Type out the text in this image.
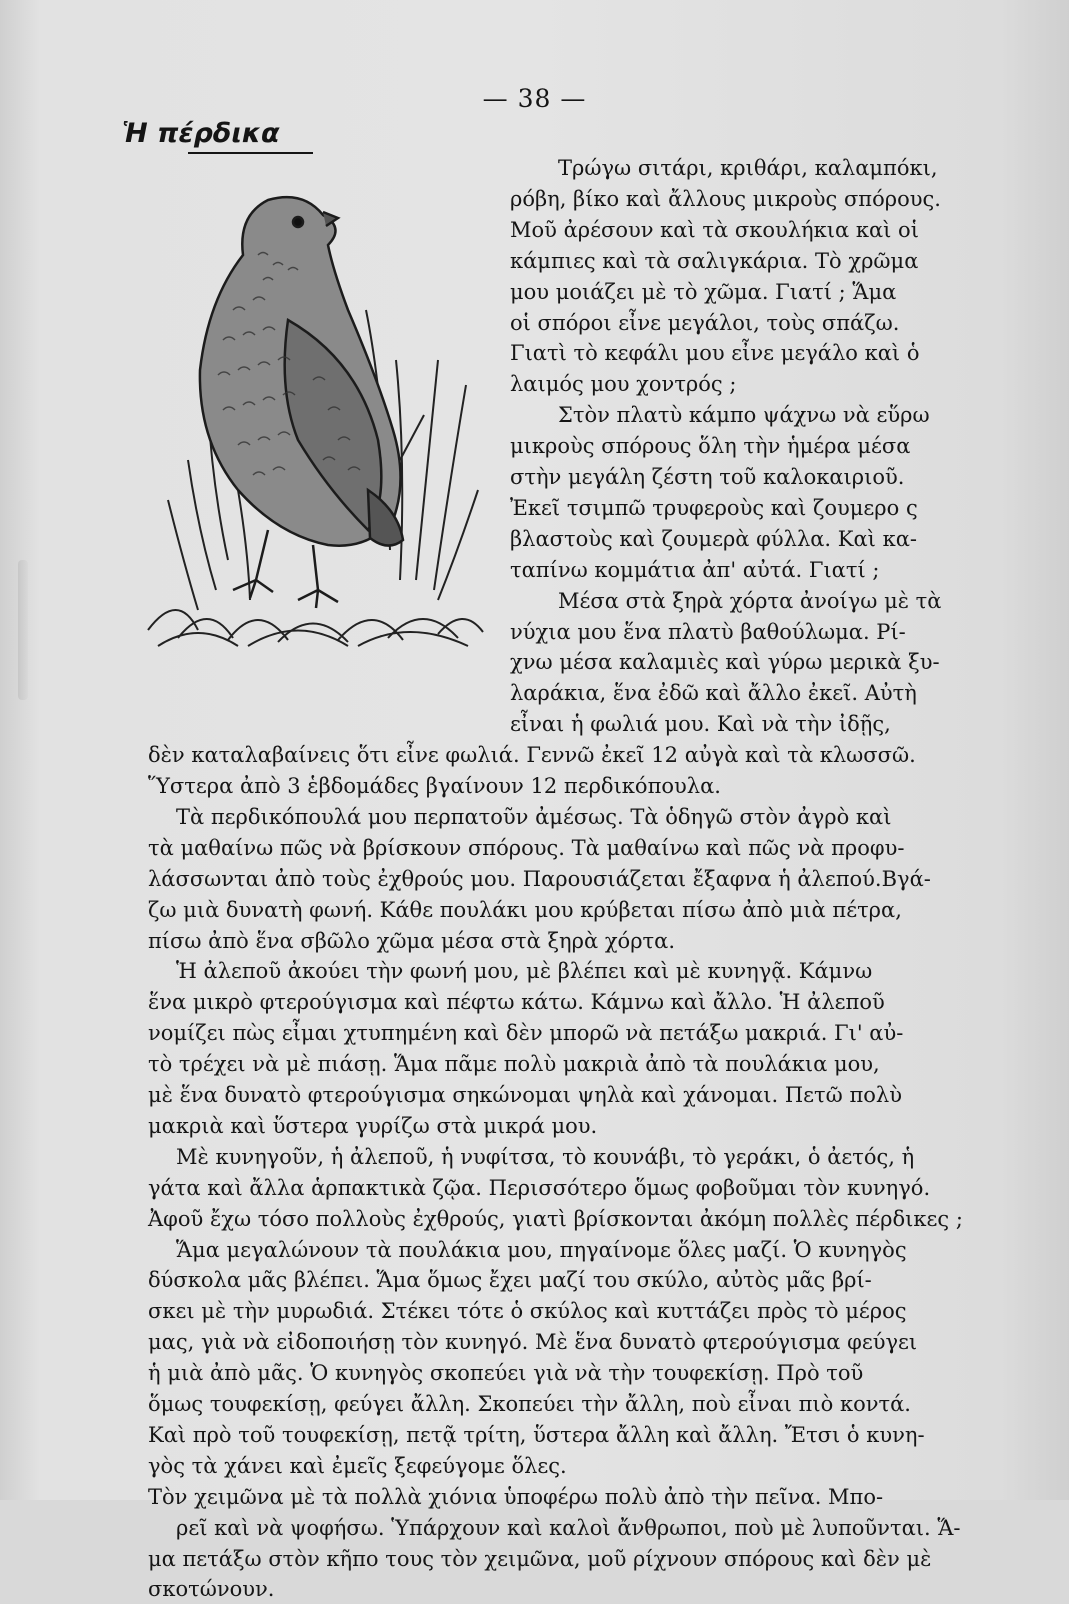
— 38 —
Ἡ πέρδικα
Τρώγω σιτάρι, κριθάρι, καλαμπόκι,
ρόβη, βίκο καὶ ἄλλους μικροὺς σπόρους.
Μοῦ ἀρέσουν καὶ τὰ σκουλήκια καὶ οἱ
κάμπιες καὶ τὰ σαλιγκάρια. Τὸ χρῶμα
μου μοιάζει μὲ τὸ χῶμα. Γιατί ; Ἅμα
οἱ σπόροι εἶνε μεγάλοι, τοὺς σπάζω.
Γιατὶ τὸ κεφάλι μου εἶνε μεγάλο καὶ ὁ
λαιμός μου χοντρός ;
Στὸν πλατὺ κάμπο ψάχνω νὰ εὕρω
μικροὺς σπόρους ὅλη τὴν ἡμέρα μέσα
στὴν μεγάλη ζέστη τοῦ καλοκαιριοῦ.
Ἐκεῖ τσιμπῶ τρυφεροὺς καὶ ζουμερο ς
βλαστοὺς καὶ ζουμερὰ φύλλα. Καὶ κα-
ταπίνω κομμάτια ἀπ' αὐτά. Γιατί ;
Μέσα στὰ ξηρὰ χόρτα ἀνοίγω μὲ τὰ
νύχια μου ἕνα πλατὺ βαθούλωμα. Ρί-
χνω μέσα καλαμιὲς καὶ γύρω μερικὰ ξυ-
λαράκια, ἕνα ἐδῶ καὶ ἄλλο ἐκεῖ. Αὐτὴ
εἶναι ἡ φωλιά μου. Καὶ νὰ τὴν ἰδῇς,
δὲν καταλαβαίνεις ὅτι εἶνε φωλιά. Γεννῶ ἐκεῖ 12 αὐγὰ καὶ τὰ κλωσσῶ.
Ὕστερα ἀπὸ 3 ἑβδομάδες βγαίνουν 12 περδικόπουλα.
Τὰ περδικόπουλά μου περπατοῦν ἀμέσως. Τὰ ὁδηγῶ στὸν ἀγρὸ καὶ
τὰ μαθαίνω πῶς νὰ βρίσκουν σπόρους. Τὰ μαθαίνω καὶ πῶς νὰ προφυ-
λάσσωνται ἀπὸ τοὺς ἐχθρούς μου. Παρουσιάζεται ἔξαφνα ἡ ἀλεπού.Βγά-
ζω μιὰ δυνατὴ φωνή. Κάθε πουλάκι μου κρύβεται πίσω ἀπὸ μιὰ πέτρα,
πίσω ἀπὸ ἕνα σβῶλο χῶμα μέσα στὰ ξηρὰ χόρτα.
Ἡ ἀλεποῦ ἀκούει τὴν φωνή μου, μὲ βλέπει καὶ μὲ κυνηγᾷ. Κάμνω
ἕνα μικρὸ φτερούγισμα καὶ πέφτω κάτω. Κάμνω καὶ ἄλλο. Ἡ ἀλεποῦ
νομίζει πὼς εἶμαι χτυπημένη καὶ δὲν μπορῶ νὰ πετάξω μακριά. Γι' αὐ-
τὸ τρέχει νὰ μὲ πιάσῃ. Ἅμα πᾶμε πολὺ μακριὰ ἀπὸ τὰ πουλάκια μου,
μὲ ἕνα δυνατὸ φτερούγισμα σηκώνομαι ψηλὰ καὶ χάνομαι. Πετῶ πολὺ
μακριὰ καὶ ὕστερα γυρίζω στὰ μικρά μου.
Μὲ κυνηγοῦν, ἡ ἀλεποῦ, ἡ νυφίτσα, τὸ κουνάβι, τὸ γεράκι, ὁ ἀετός, ἡ
γάτα καὶ ἄλλα ἁρπακτικὰ ζῷα. Περισσότερο ὅμως φοβοῦμαι τὸν κυνηγό.
Ἀφοῦ ἔχω τόσο πολλοὺς ἐχθρούς, γιατὶ βρίσκονται ἀκόμη πολλὲς πέρδικες ;
Ἅμα μεγαλώνουν τὰ πουλάκια μου, πηγαίνομε ὅλες μαζί. Ὁ κυνηγὸς
δύσκολα μᾶς βλέπει. Ἅμα ὅμως ἔχει μαζί του σκύλο, αὐτὸς μᾶς βρί-
σκει μὲ τὴν μυρωδιά. Στέκει τότε ὁ σκύλος καὶ κυττάζει πρὸς τὸ μέρος
μας, γιὰ νὰ εἰδοποιήσῃ τὸν κυνηγό. Μὲ ἕνα δυνατὸ φτερούγισμα φεύγει
ἡ μιὰ ἀπὸ μᾶς. Ὁ κυνηγὸς σκοπεύει γιὰ νὰ τὴν τουφεκίσῃ. Πρὸ τοῦ
ὅμως τουφεκίσῃ, φεύγει ἄλλη. Σκοπεύει τὴν ἄλλη, ποὺ εἶναι πιὸ κοντά.
Καὶ πρὸ τοῦ τουφεκίσῃ, πετᾷ τρίτη, ὕστερα ἄλλη καὶ ἄλλη. Ἔτσι ὁ κυνη-
γὸς τὰ χάνει καὶ ἐμεῖς ξεφεύγομε ὅλες.
Τὸν χειμῶνα μὲ τὰ πολλὰ χιόνια ὑποφέρω πολὺ ἀπὸ τὴν πεῖνα. Μπο-
ρεῖ καὶ νὰ ψοφήσω. Ὑπάρχουν καὶ καλοὶ ἄνθρωποι, ποὺ μὲ λυποῦνται. Ἅ-
μα πετάξω στὸν κῆπο τους τὸν χειμῶνα, μοῦ ρίχνουν σπόρους καὶ δὲν μὲ
σκοτώνουν.
